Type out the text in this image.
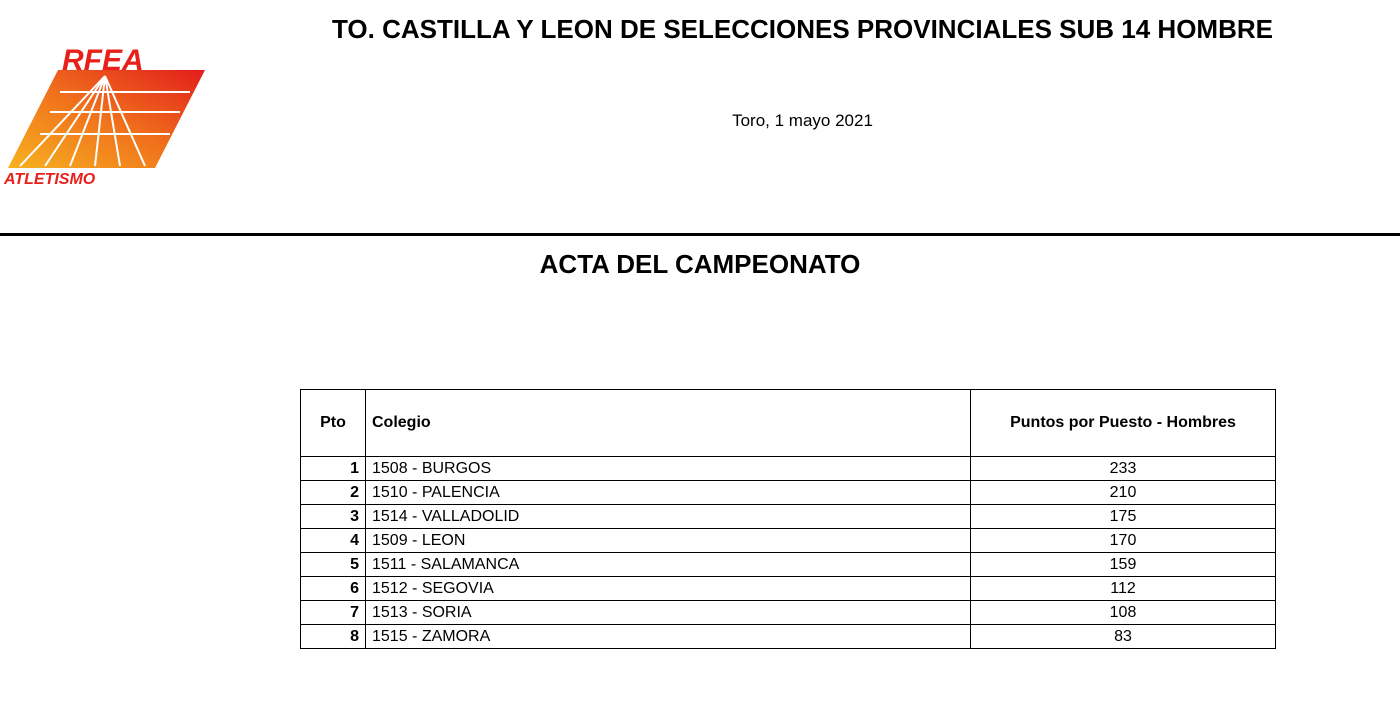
RFEA
ATLETISMO
TO. CASTILLA Y LEON DE SELECCIONES PROVINCIALES SUB 14 HOMBRE
Toro, 1 mayo 2021
ACTA DEL CAMPEONATO
Pto	Colegio	Puntos por Puesto - Hombres
1	1508 - BURGOS	233
2	1510 - PALENCIA	210
3	1514 - VALLADOLID	175
4	1509 - LEON	170
5	1511 - SALAMANCA	159
6	1512 - SEGOVIA	112
7	1513 - SORIA	108
8	1515 - ZAMORA	83
